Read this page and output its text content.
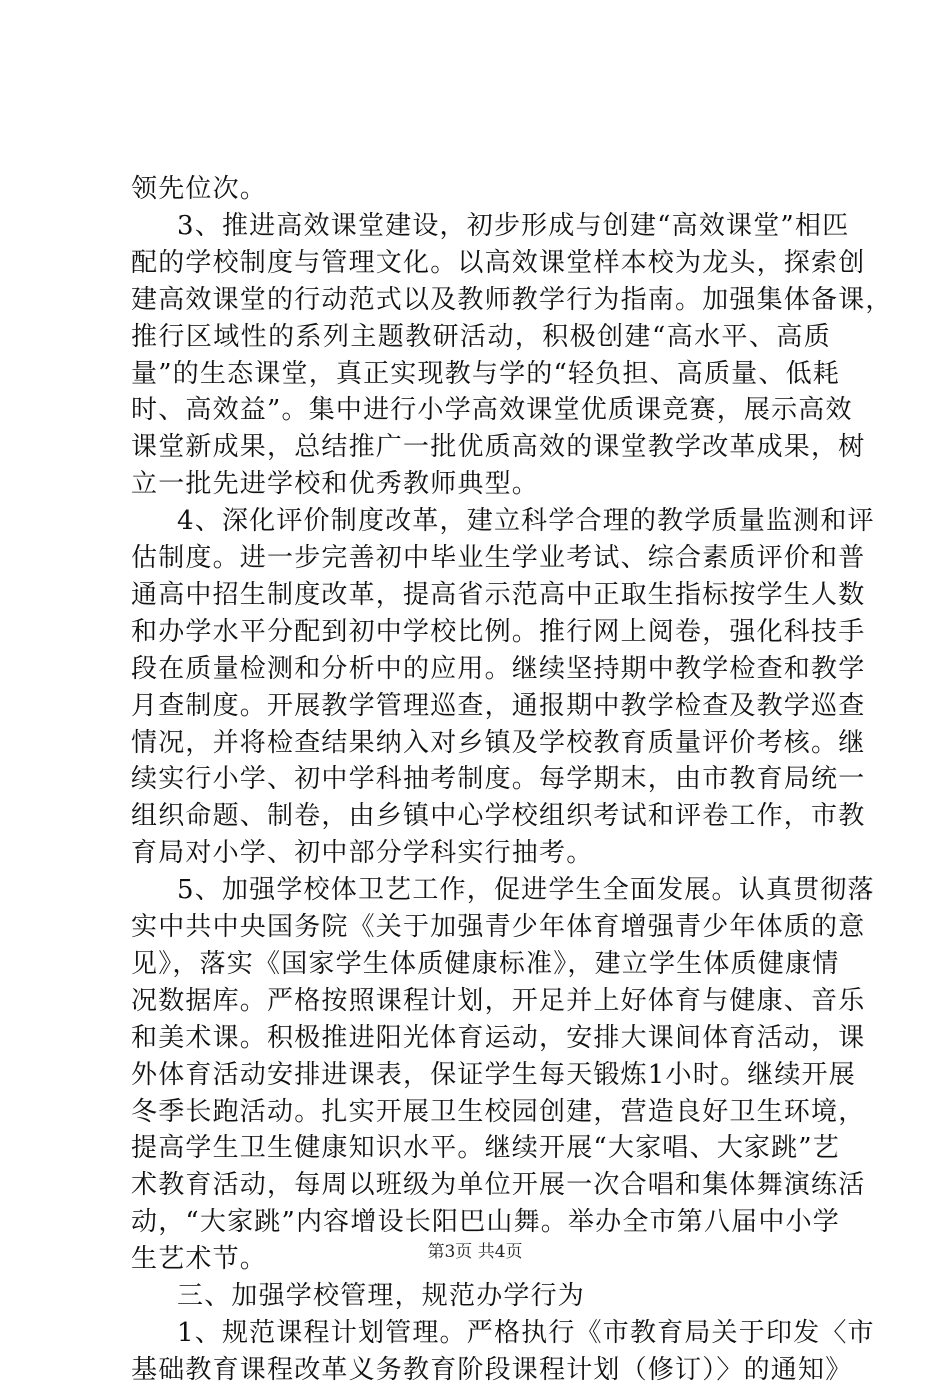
领先位次。
3、推进高效课堂建设，初步形成与创建“高效课堂”相匹
配的学校制度与管理文化。以高效课堂样本校为龙头，探索创
建高效课堂的行动范式以及教师教学行为指南。加强集体备课，
推行区域性的系列主题教研活动，积极创建“高水平、高质
量”的生态课堂，真正实现教与学的“轻负担、高质量、低耗
时、高效益”。集中进行小学高效课堂优质课竞赛，展示高效
课堂新成果，总结推广一批优质高效的课堂教学改革成果，树
立一批先进学校和优秀教师典型。
4、深化评价制度改革，建立科学合理的教学质量监测和评
估制度。进一步完善初中毕业生学业考试、综合素质评价和普
通高中招生制度改革，提高省示范高中正取生指标按学生人数
和办学水平分配到初中学校比例。推行网上阅卷，强化科技手
段在质量检测和分析中的应用。继续坚持期中教学检查和教学
月查制度。开展教学管理巡查，通报期中教学检查及教学巡查
情况，并将检查结果纳入对乡镇及学校教育质量评价考核。继
续实行小学、初中学科抽考制度。每学期末，由市教育局统一
组织命题、制卷，由乡镇中心学校组织考试和评卷工作，市教
育局对小学、初中部分学科实行抽考。
5、加强学校体卫艺工作，促进学生全面发展。认真贯彻落
实中共中央国务院《关于加强青少年体育增强青少年体质的意
见》，落实《国家学生体质健康标准》，建立学生体质健康情
况数据库。严格按照课程计划，开足并上好体育与健康、音乐
和美术课。积极推进阳光体育运动，安排大课间体育活动，课
外体育活动安排进课表，保证学生每天锻炼1小时。继续开展
冬季长跑活动。扎实开展卫生校园创建，营造良好卫生环境，
提高学生卫生健康知识水平。继续开展“大家唱、大家跳”艺
术教育活动，每周以班级为单位开展一次合唱和集体舞演练活
动，“大家跳”内容增设长阳巴山舞。举办全市第八届中小学
生艺术节。
三、加强学校管理，规范办学行为
1、规范课程计划管理。严格执行《市教育局关于印发〈市
基础教育课程改革义务教育阶段课程计划（修订）〉的通知》
第3页 共4页
